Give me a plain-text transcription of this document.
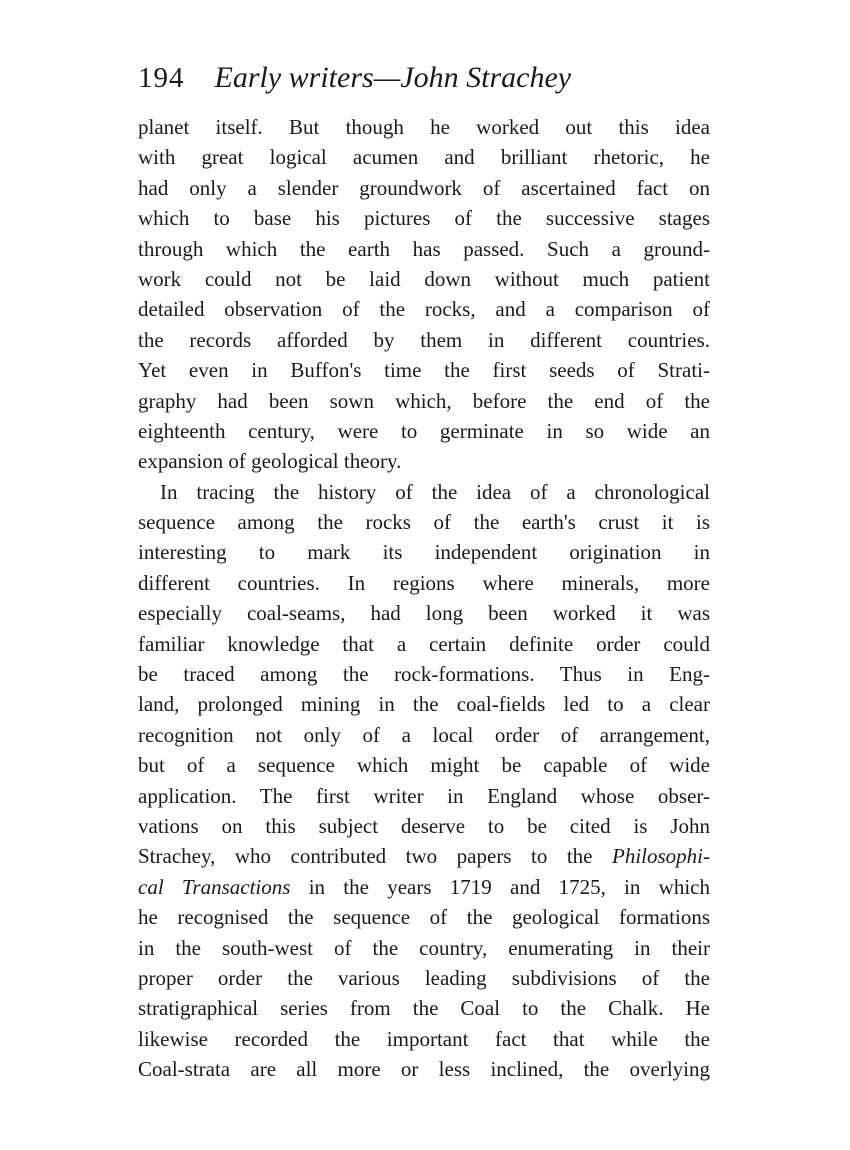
194 Early writers—John Strachey
planet itself. But though he worked out this idea
with great logical acumen and brilliant rhetoric, he
had only a slender groundwork of ascertained fact on
which to base his pictures of the successive stages
through which the earth has passed. Such a ground-
work could not be laid down without much patient
detailed observation of the rocks, and a comparison of
the records afforded by them in different countries.
Yet even in Buffon's time the first seeds of Strati-
graphy had been sown which, before the end of the
eighteenth century, were to germinate in so wide an
expansion of geological theory.
In tracing the history of the idea of a chronological
sequence among the rocks of the earth's crust it is
interesting to mark its independent origination in
different countries. In regions where minerals, more
especially coal-seams, had long been worked it was
familiar knowledge that a certain definite order could
be traced among the rock-formations. Thus in Eng-
land, prolonged mining in the coal-fields led to a clear
recognition not only of a local order of arrangement,
but of a sequence which might be capable of wide
application. The first writer in England whose obser-
vations on this subject deserve to be cited is John
Strachey, who contributed two papers to the Philosophi-
cal Transactions in the years 1719 and 1725, in which
he recognised the sequence of the geological formations
in the south-west of the country, enumerating in their
proper order the various leading subdivisions of the
stratigraphical series from the Coal to the Chalk. He
likewise recorded the important fact that while the
Coal-strata are all more or less inclined, the overlying
